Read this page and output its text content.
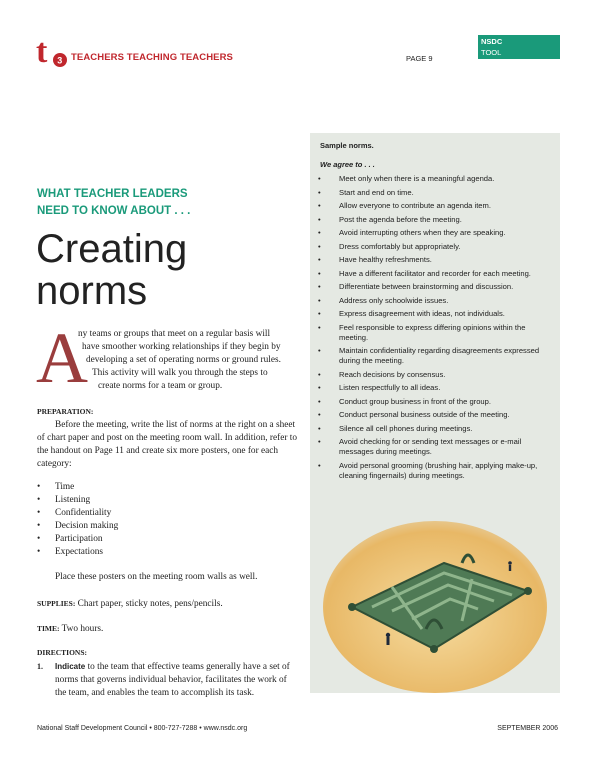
t 3 TEACHERS TEACHING TEACHERS	PAGE 9
NSDC
TOOL
WHAT TEACHER LEADERS
NEED TO KNOW ABOUT . . .
Creating
norms
A
ny teams or groups that meet on a regular basis will
have smoother working relationships if they begin by
developing a set of operating norms or ground rules.
This activity will walk you through the steps to
create norms for a team or group.
PREPARATION:
Before the meeting, write the list of norms at the right on a sheet of chart paper and post on the meeting room wall. In addition, refer to the handout on Page 11 and create six more posters, one for each category:
• Time
• Listening
• Confidentiality
• Decision making
• Participation
• Expectations
Place these posters on the meeting room walls as well.
SUPPLIES: Chart paper, sticky notes, pens/pencils.
TIME: Two hours.
DIRECTIONS:
1. Indicate to the team that effective teams generally have a set of norms that governs individual behavior, facilitates the work of the team, and enables the team to accomplish its task.
Sample norms.
We agree to . . .
• Meet only when there is a meaningful agenda.
• Start and end on time.
• Allow everyone to contribute an agenda item.
• Post the agenda before the meeting.
• Avoid interrupting others when they are speaking.
• Dress comfortably but appropriately.
• Have healthy refreshments.
• Have a different facilitator and recorder for each meeting.
• Differentiate between brainstorming and discussion.
• Address only schoolwide issues.
• Express disagreement with ideas, not individuals.
• Feel responsible to express differing opinions within the meeting.
• Maintain confidentiality regarding disagreements expressed during the meeting.
• Reach decisions by consensus.
• Listen respectfully to all ideas.
• Conduct group business in front of the group.
• Conduct personal business outside of the meeting.
• Silence all cell phones during meetings.
• Avoid checking for or sending text messages or e-mail messages during meetings.
• Avoid personal grooming (brushing hair, applying make-up, cleaning fingernails) during meetings.
National Staff Development Council • 800-727-7288 • www.nsdc.org	SEPTEMBER 2006
